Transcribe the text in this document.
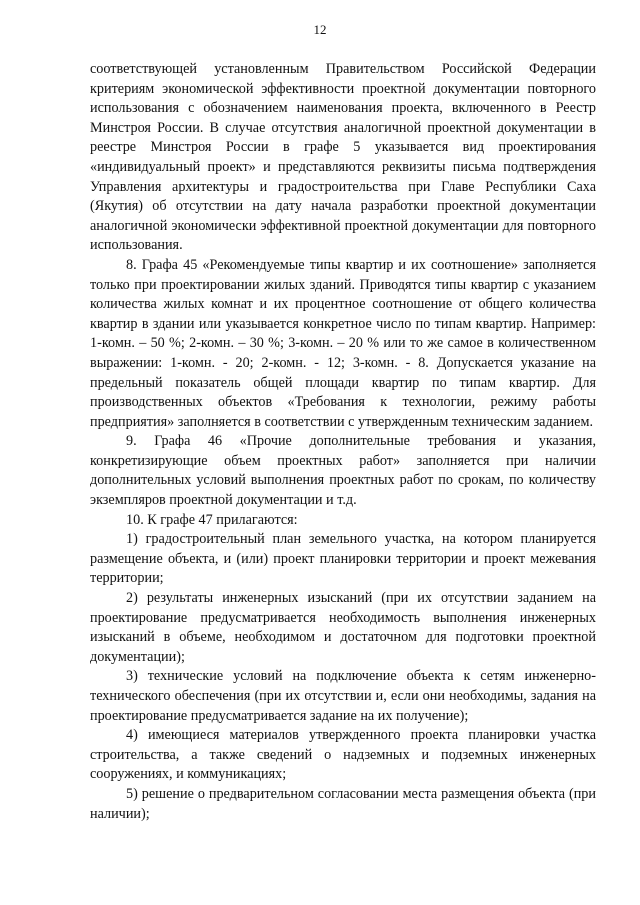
12

соответствующей установленным Правительством Российской Федерации критериям экономической эффективности проектной документации повторного использования с обозначением наименования проекта, включенного в Реестр Минстроя России. В случае отсутствия аналогичной проектной документации в реестре Минстроя России в графе 5 указывается вид проектирования «индивидуальный проект» и представляются реквизиты письма подтверждения Управления архитектуры и градостроительства при Главе Республики Саха (Якутия) об отсутствии на дату начала разработки проектной документации аналогичной экономически эффективной проектной документации для повторного использования.

8. Графа 45 «Рекомендуемые типы квартир и их соотношение» заполняется только при проектировании жилых зданий. Приводятся типы квартир с указанием количества жилых комнат и их процентное соотношение от общего количества квартир в здании или указывается конкретное число по типам квартир. Например: 1-комн. – 50 %; 2-комн. – 30 %; 3-комн. – 20 % или то же самое в количественном выражении: 1-комн. - 20; 2-комн. - 12; 3-комн. - 8. Допускается указание на предельный показатель общей площади квартир по типам квартир. Для производственных объектов «Требования к технологии, режиму работы предприятия» заполняется в соответствии с утвержденным техническим заданием.

9. Графа 46 «Прочие дополнительные требования и указания, конкретизирующие объем проектных работ» заполняется при наличии дополнительных условий выполнения проектных работ по срокам, по количеству экземпляров проектной документации и т.д.

10. К графе 47 прилагаются:

1) градостроительный план земельного участка, на котором планируется размещение объекта, и (или) проект планировки территории и проект межевания территории;

2) результаты инженерных изысканий (при их отсутствии заданием на проектирование предусматривается необходимость выполнения инженерных изысканий в объеме, необходимом и достаточном для подготовки проектной документации);

3) технические условий на подключение объекта к сетям инженерно-технического обеспечения (при их отсутствии и, если они необходимы, задания на проектирование предусматривается задание на их получение);

4) имеющиеся материалов утвержденного проекта планировки участка строительства, а также сведений о надземных и подземных инженерных сооружениях, и коммуникациях;

5) решение о предварительном согласовании места размещения объекта (при наличии);
